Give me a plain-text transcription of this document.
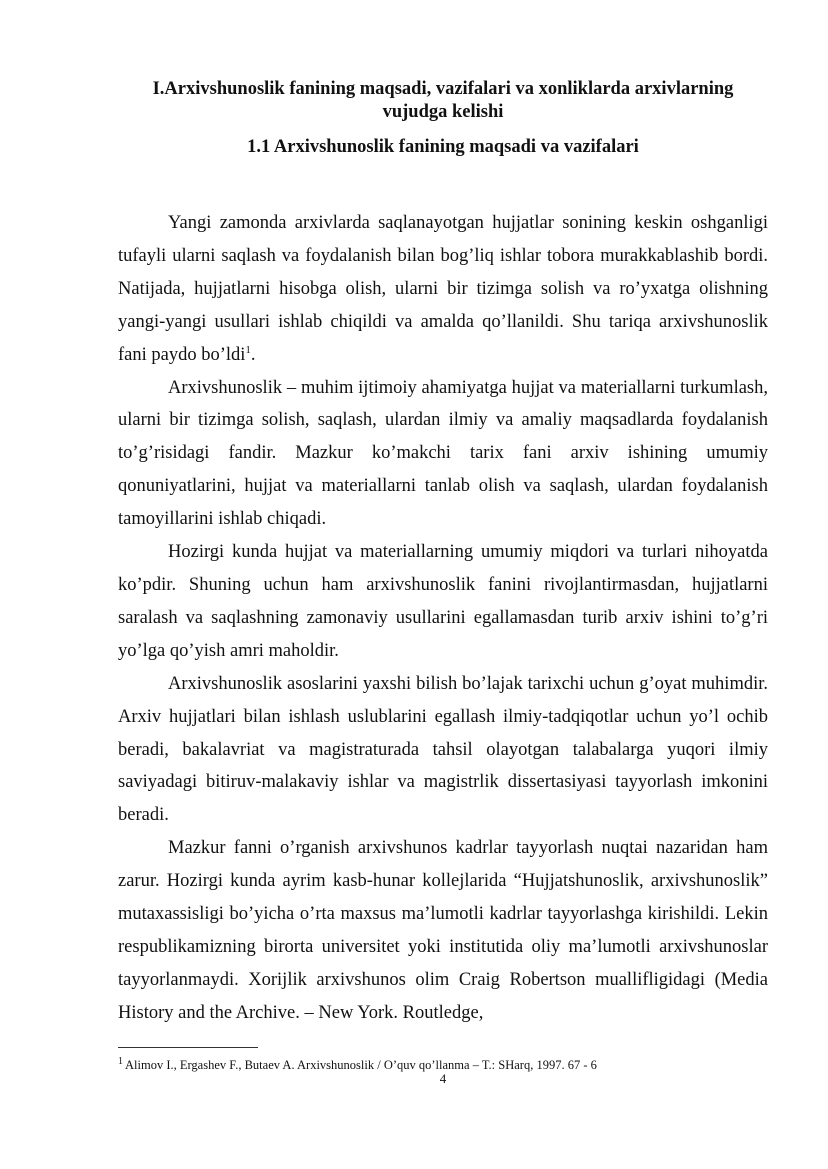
I.Arxivshunoslik fanining maqsadi, vazifalari va xonliklarda arxivlarning vujudga kelishi
1.1 Arxivshunoslik fanining maqsadi va vazifalari

Yangi zamonda arxivlarda saqlanayotgan hujjatlar sonining keskin oshganligi tufayli ularni saqlash va foydalanish bilan bog’liq ishlar tobora murakkablashib bordi. Natijada, hujjatlarni hisobga olish, ularni bir tizimga solish va ro’yxatga olishning yangi-yangi usullari ishlab chiqildi va amalda qo’llanildi. Shu tariqa arxivshunoslik fani paydo bo’ldi$^1$.

Arxivshunoslik – muhim ijtimoiy ahamiyatga hujjat va materiallarni turkumlash, ularni bir tizimga solish, saqlash, ulardan ilmiy va amaliy maqsadlarda foydalanish to’g’risidagi fandir. Mazkur ko’makchi tarix fani arxiv ishining umumiy qonuniyatlarini, hujjat va materiallarni tanlab olish va saqlash, ulardan foydalanish tamoyillarini ishlab chiqadi.

Hozirgi kunda hujjat va materiallarning umumiy miqdori va turlari nihoyatda ko’pdir. Shuning uchun ham arxivshunoslik fanini rivojlantirmasdan, hujjatlarni saralash va saqlashning zamonaviy usullarini egallamasdan turib arxiv ishini to’g’ri yo’lga qo’yish amri maholdir.

Arxivshunoslik asoslarini yaxshi bilish bo’lajak tarixchi uchun g’oyat muhimdir. Arxiv hujjatlari bilan ishlash uslublarini egallash ilmiy-tadqiqotlar uchun yo’l ochib beradi, bakalavriat va magistraturada tahsil olayotgan talabalarga yuqori ilmiy saviyadagi bitiruv-malakaviy ishlar va magistrlik dissertasiyasi tayyorlash imkonini beradi.

Mazkur fanni o’rganish arxivshunos kadrlar tayyorlash nuqtai nazaridan ham zarur. Hozirgi kunda ayrim kasb-hunar kollejlarida “Hujjatshunoslik, arxivshunoslik” mutaxassisligi bo’yicha o’rta maxsus ma’lumotli kadrlar tayyorlashga kirishildi. Lekin respublikamizning birorta universitet yoki institutida oliy ma’lumotli arxivshunoslar tayyorlanmaydi. Xorijlik arxivshunos olim Craig Robertson muallifligidagi (Media History and the Archive. – New York. Routledge,

$^1$ Alimov I., Ergashev F., Butaev A. Arxivshunoslik / O’quv qo’llanma – T.: SHarq, 1997. 67 - 6

4
